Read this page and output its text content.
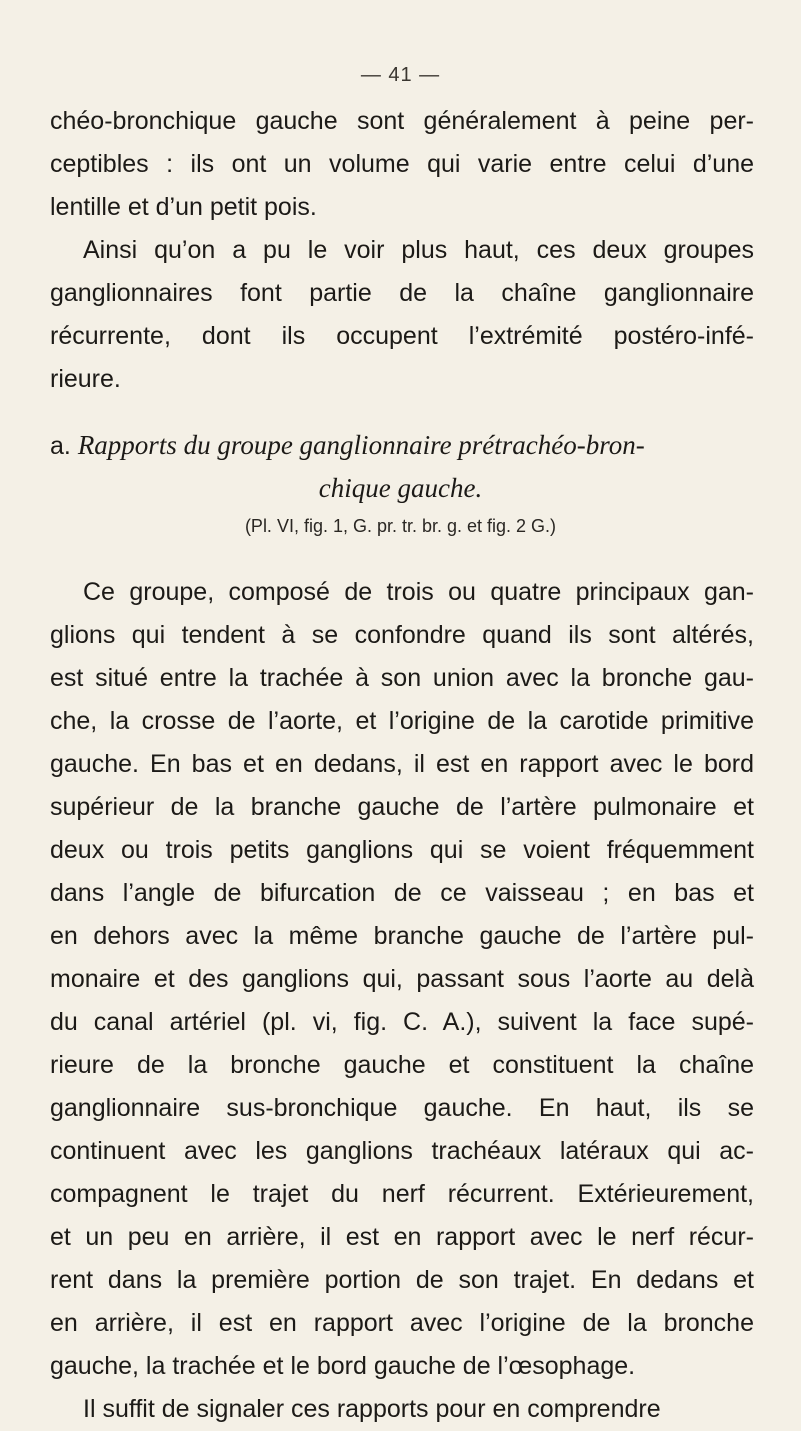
— 41 —
chéo-bronchique gauche sont généralement à peine per-
ceptibles : ils ont un volume qui varie entre celui d’une
lentille et d’un petit pois.
Ainsi qu’on a pu le voir plus haut, ces deux groupes
ganglionnaires font partie de la chaîne ganglionnaire
récurrente, dont ils occupent l’extrémité postéro-infé-
rieure.
a. Rapports du groupe ganglionnaire prétrachéo-bron-
chique gauche.
(Pl. VI, fig. 1, G. pr. tr. br. g. et fig. 2 G.)
Ce groupe, composé de trois ou quatre principaux gan-
glions qui tendent à se confondre quand ils sont altérés,
est situé entre la trachée à son union avec la bronche gau-
che, la crosse de l’aorte, et l’origine de la carotide primitive
gauche. En bas et en dedans, il est en rapport avec le bord
supérieur de la branche gauche de l’artère pulmonaire et
deux ou trois petits ganglions qui se voient fréquemment
dans l’angle de bifurcation de ce vaisseau ; en bas et
en dehors avec la même branche gauche de l’artère pul-
monaire et des ganglions qui, passant sous l’aorte au delà
du canal artériel (pl. vi, fig. C. A.), suivent la face supé-
rieure de la bronche gauche et constituent la chaîne
ganglionnaire sus-bronchique gauche. En haut, ils se
continuent avec les ganglions trachéaux latéraux qui ac-
compagnent le trajet du nerf récurrent. Extérieurement,
et un peu en arrière, il est en rapport avec le nerf récur-
rent dans la première portion de son trajet. En dedans et
en arrière, il est en rapport avec l’origine de la bronche
gauche, la trachée et le bord gauche de l’œsophage.
Il suffit de signaler ces rapports pour en comprendre
